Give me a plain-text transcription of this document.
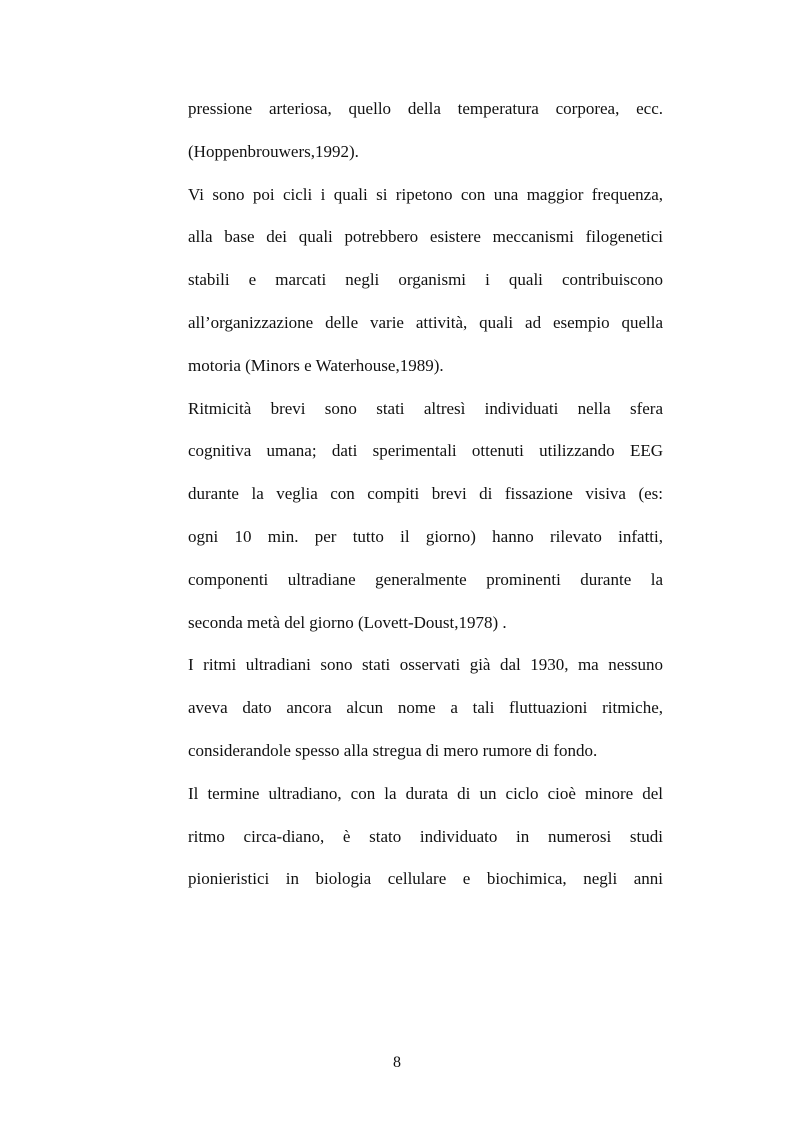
pressione arteriosa, quello della temperatura corporea, ecc.
(Hoppenbrouwers,1992).

Vi sono poi cicli i quali si ripetono con una maggior frequenza,
alla base dei quali potrebbero esistere meccanismi filogenetici
stabili e marcati negli organismi i quali contribuiscono
all’organizzazione delle varie attività, quali ad esempio quella
motoria (Minors e Waterhouse,1989).

Ritmicità brevi sono stati altresì individuati nella sfera
cognitiva umana; dati sperimentali ottenuti utilizzando EEG
durante la veglia con compiti brevi di fissazione visiva (es:
ogni 10 min. per tutto il giorno) hanno rilevato infatti,
componenti ultradiane generalmente prominenti durante la
seconda metà del giorno (Lovett-Doust,1978) .

I ritmi ultradiani sono stati osservati già dal 1930, ma nessuno
aveva dato ancora alcun nome a tali fluttuazioni ritmiche,
considerandole spesso alla stregua di mero rumore di fondo.

Il termine ultradiano, con la durata di un ciclo cioè minore del
ritmo circa-diano, è stato individuato in numerosi studi
pionieristici in biologia cellulare e biochimica, negli anni

8
